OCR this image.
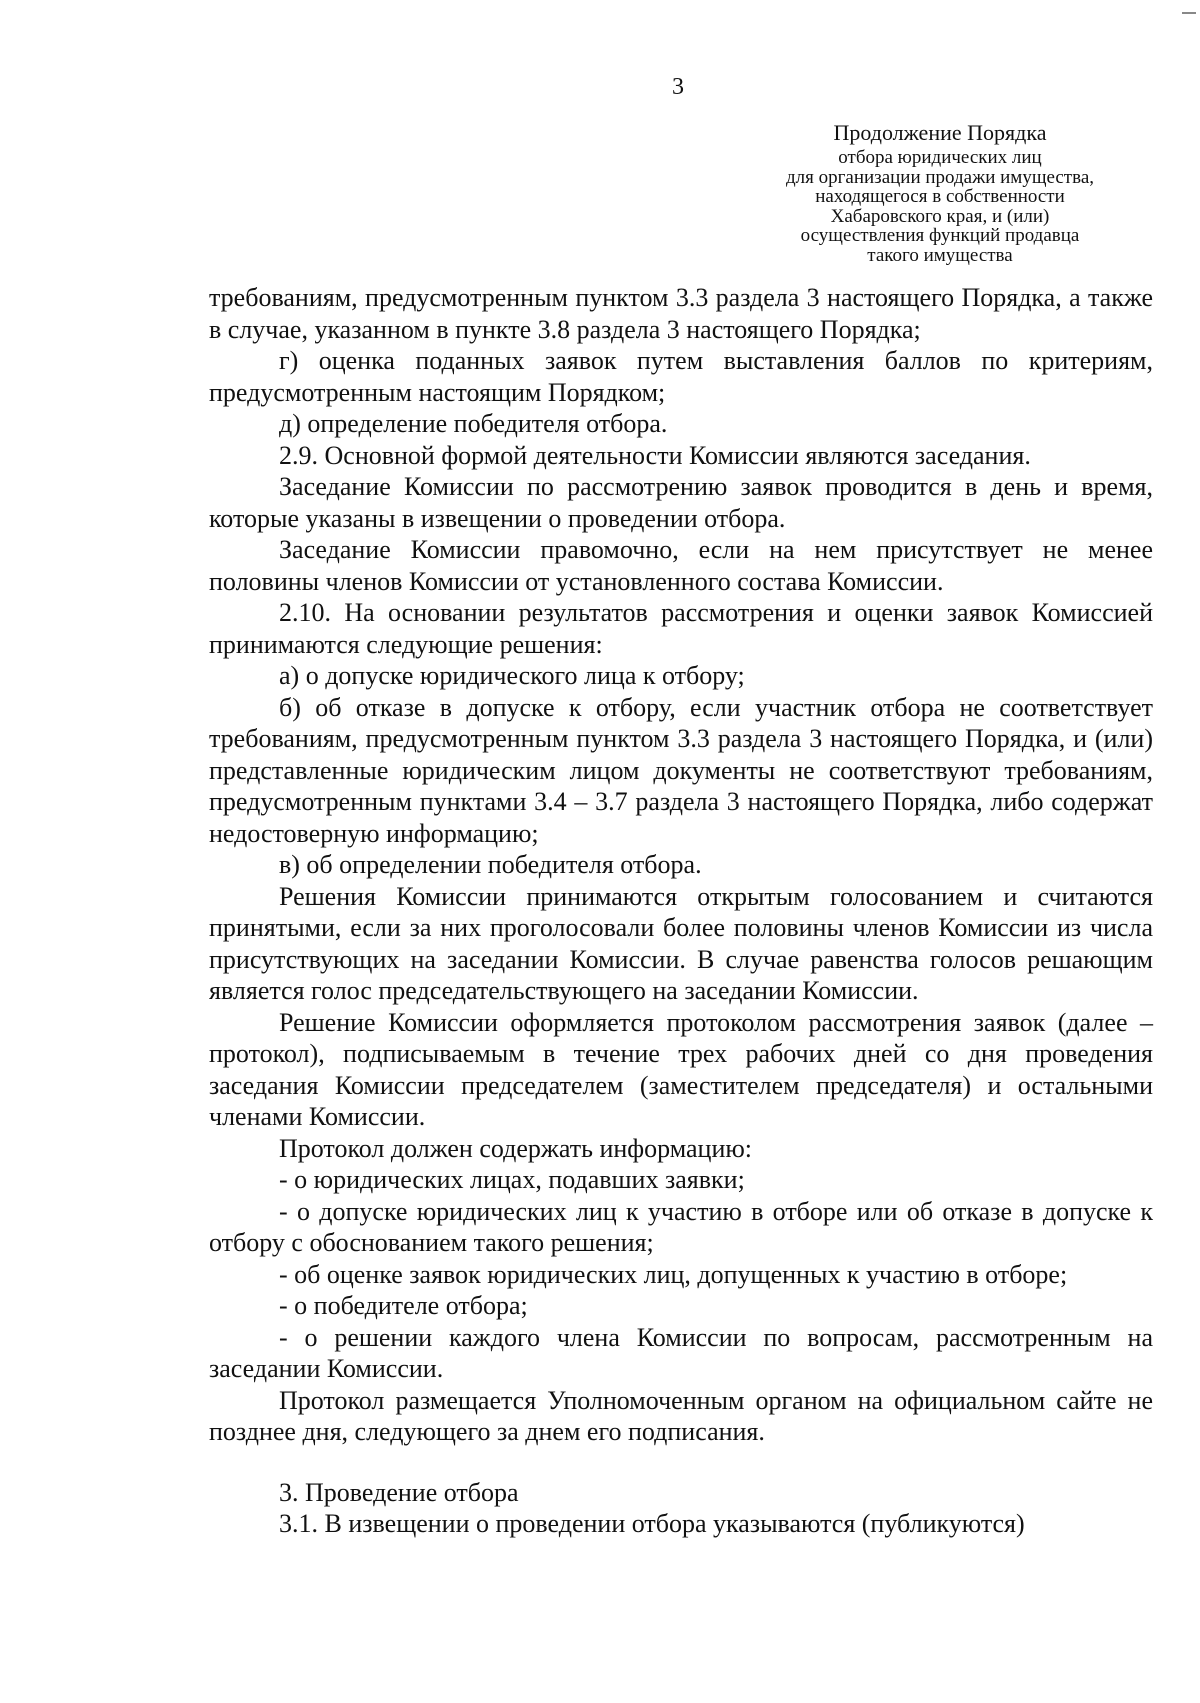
3
Продолжение Порядка
отбора юридических лиц
для организации продажи имущества,
находящегося в собственности
Хабаровского края, и (или)
осуществления функций продавца
такого имущества

требованиям, предусмотренным пунктом 3.3 раздела 3 настоящего Порядка, а также в случае, указанном в пункте 3.8 раздела 3 настоящего Порядка;

г) оценка поданных заявок путем выставления баллов по критериям, предусмотренным настоящим Порядком;

д) определение победителя отбора.

2.9. Основной формой деятельности Комиссии являются заседания.

Заседание Комиссии по рассмотрению заявок проводится в день и время, которые указаны в извещении о проведении отбора.

Заседание Комиссии правомочно, если на нем присутствует не менее половины членов Комиссии от установленного состава Комиссии.

2.10. На основании результатов рассмотрения и оценки заявок Комиссией принимаются следующие решения:

а) о допуске юридического лица к отбору;

б) об отказе в допуске к отбору, если участник отбора не соответствует требованиям, предусмотренным пунктом 3.3 раздела 3 настоящего Порядка, и (или) представленные юридическим лицом документы не соответствуют требованиям, предусмотренным пунктами 3.4 – 3.7 раздела 3 настоящего Порядка, либо содержат недостоверную информацию;

в) об определении победителя отбора.

Решения Комиссии принимаются открытым голосованием и считаются принятыми, если за них проголосовали более половины членов Комиссии из числа присутствующих на заседании Комиссии. В случае равенства голосов решающим является голос председательствующего на заседании Комиссии.

Решение Комиссии оформляется протоколом рассмотрения заявок (далее – протокол), подписываемым в течение трех рабочих дней со дня проведения заседания Комиссии председателем (заместителем председателя) и остальными членами Комиссии.

Протокол должен содержать информацию:

- о юридических лицах, подавших заявки;

- о допуске юридических лиц к участию в отборе или об отказе в допуске к отбору с обоснованием такого решения;

- об оценке заявок юридических лиц, допущенных к участию в отборе;

- о победителе отбора;

- о решении каждого члена Комиссии по вопросам, рассмотренным на заседании Комиссии.

Протокол размещается Уполномоченным органом на официальном сайте не позднее дня, следующего за днем его подписания.

3. Проведение отбора

3.1. В извещении о проведении отбора указываются (публикуются)
